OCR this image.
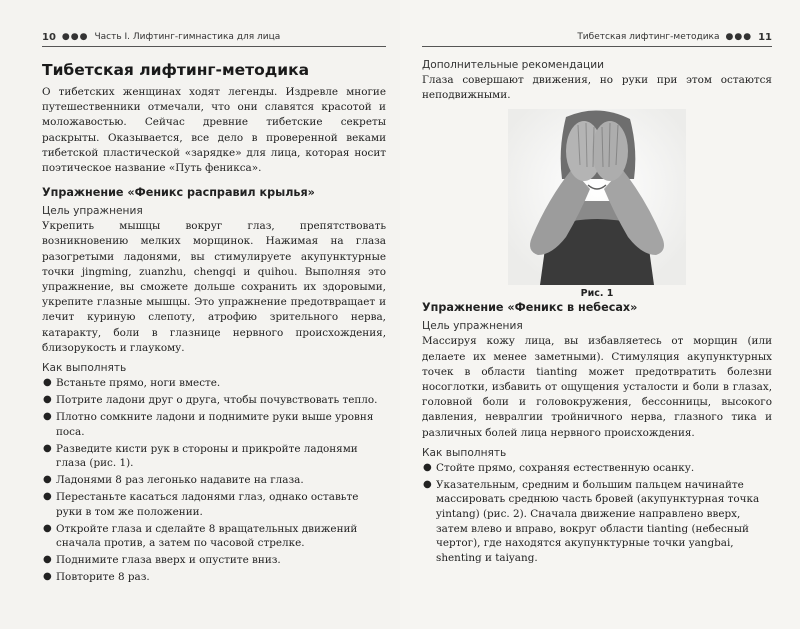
10 ●●● Часть I. Лифтинг-гимнастика для лица
Тибетская лифтинг-методика

О тибетских женщинах ходят легенды. Издревле многие путешественники отмечали, что они славятся красотой и моложавостью. Сейчас древние тибетские секреты раскрыты. Оказывается, все дело в проверенной веками тибетской пластической «зарядке» для лица, которая носит поэтическое название «Путь феникса».

Упражнение «Феникс расправил крылья»
Цель упражнения

Укрепить мышцы вокруг глаз, препятствовать возникновению мелких морщинок. Нажимая на глаза разогретыми ладонями, вы стимулируете акупунктурные точки jingming, zuanzhu, chengqi и quihou. Выполняя это упражнение, вы сможете дольше сохранить их здоровыми, укрепите глазные мышцы. Это упражнение предотвращает и лечит куриную слепоту, атрофию зрительного нерва, катаракту, боли в глазнице нервного происхождения, близорукость и глаукому.

Как выполнять
● Встаньте прямо, ноги вместе.
● Потрите ладони друг о друга, чтобы почувствовать тепло.
● Плотно сомкните ладони и поднимите руки выше уровня поса.
● Разведите кисти рук в стороны и прикройте ладонями глаза (рис. 1).
● Ладонями 8 раз легонько надавите на глаза.
● Перестаньте касаться ладонями глаз, однако оставьте руки в том же положении.
● Откройте глаза и сделайте 8 вращательных движений сначала против, а затем по часовой стрелке.
● Поднимите глаза вверх и опустите вниз.
● Повторите 8 раз.
Тибетская лифтинг-методика ●●● 11
Дополнительные рекомендации

Глаза совершают движения, но руки при этом остаются неподвижными.

Рис. 1
Упражнение «Феникс в небесах»
Цель упражнения

Массируя кожу лица, вы избавляетесь от морщин (или делаете их менее заметными). Стимуляция акупунктурных точек в области tianting может предотвратить болезни носоглотки, избавить от ощущения усталости и боли в глазах, головной боли и головокружения, бессонницы, высокого давления, невралгии тройничного нерва, глазного тика и различных болей лица нервного происхождения.

Как выполнять
● Стойте прямо, сохраняя естественную осанку.
● Указательным, средним и большим пальцем начинайте массировать среднюю часть бровей (акупунктурная точка yintang) (рис. 2). Сначала движение направлено вверх, затем влево и вправо, вокруг области tianting (небесный чертог), где находятся акупунктурные точки yangbai, shenting и taiyang.
